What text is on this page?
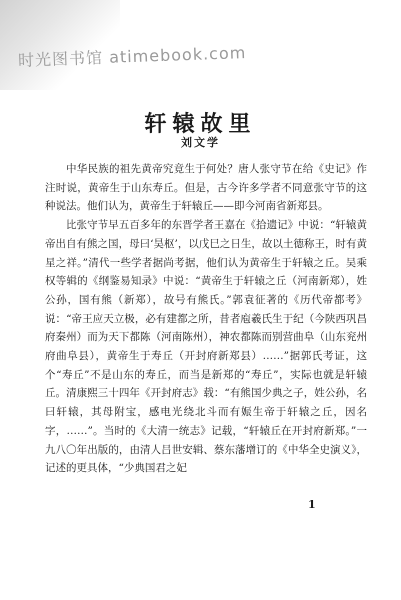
时光图书馆 atimebook.com
轩辕故里
刘文学

中华民族的祖先黄帝究竟生于何处？唐人张守节在给《史记》作注时说，黄帝生于山东寿丘。但是，古今许多学者不同意张守节的这种说法。他们认为，黄帝生于轩辕丘——即今河南省新郑县。

比张守节早五百多年的东晋学者王嘉在《拾遗记》中说：“轩辕黄帝出自有熊之国，母曰‘昊枢’，以戊巳之日生，故以土德称王，时有黄星之祥。”清代一些学者据尚考据，他们认为黄帝生于轩辕之丘。吴乘权等辑的《纲鉴易知录》中说：“黄帝生于轩辕之丘（河南新郑），姓公孙，国有熊（新郑），故号有熊氏。”郭袁征著的《历代帝都考》说：“帝王应天立极，必有建都之所，昔者庖羲氏生于纪（今陕西巩昌府秦州）而为天下都陈（河南陈州），神农都陈而别营曲阜（山东兖州府曲阜县），黄帝生于寿丘（开封府新郑县）……”据郭氏考证，这个“寿丘”不是山东的寿丘，而当是新郑的“寿丘”，实际也就是轩辕丘。清康熙三十四年《开封府志》载：“有熊国少典之子，姓公孙，名曰轩辕，其母附宝，感电光绕北斗而有娠生帝于轩辕之丘，因名字，……”。当时的《大清一统志》记载，“轩辕丘在开封府新郑。”一九八〇年出版的，由清人吕世安辑、蔡东藩增订的《中华全史演义》，记述的更具体，“少典国君之妃

1
